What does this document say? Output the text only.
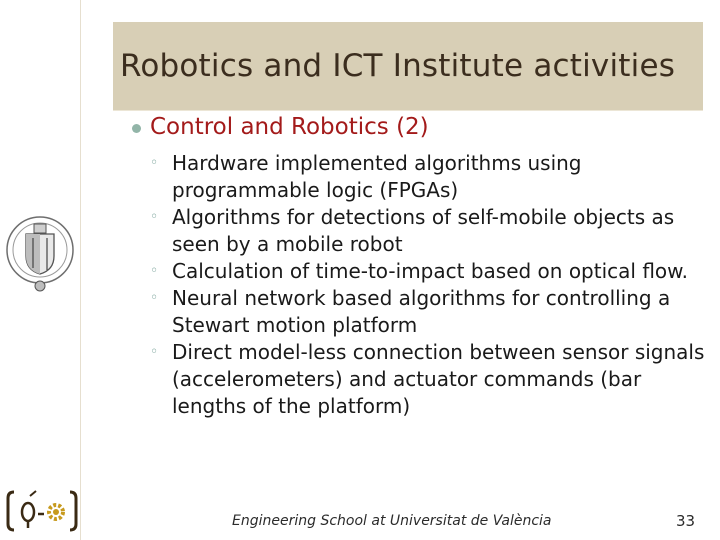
Robotics and ICT Institute activities
Control and Robotics (2)
◦ Hardware implemented algorithms using programmable logic (FPGAs)
◦ Algorithms for detections of self-mobile objects as seen by a mobile robot
◦ Calculation of time-to-impact based on optical flow.
◦ Neural network based algorithms for controlling a Stewart motion platform
◦ Direct model-less connection between sensor signals (accelerometers) and actuator commands (bar lengths of the platform)
Engineering School at Universitat de València	33
